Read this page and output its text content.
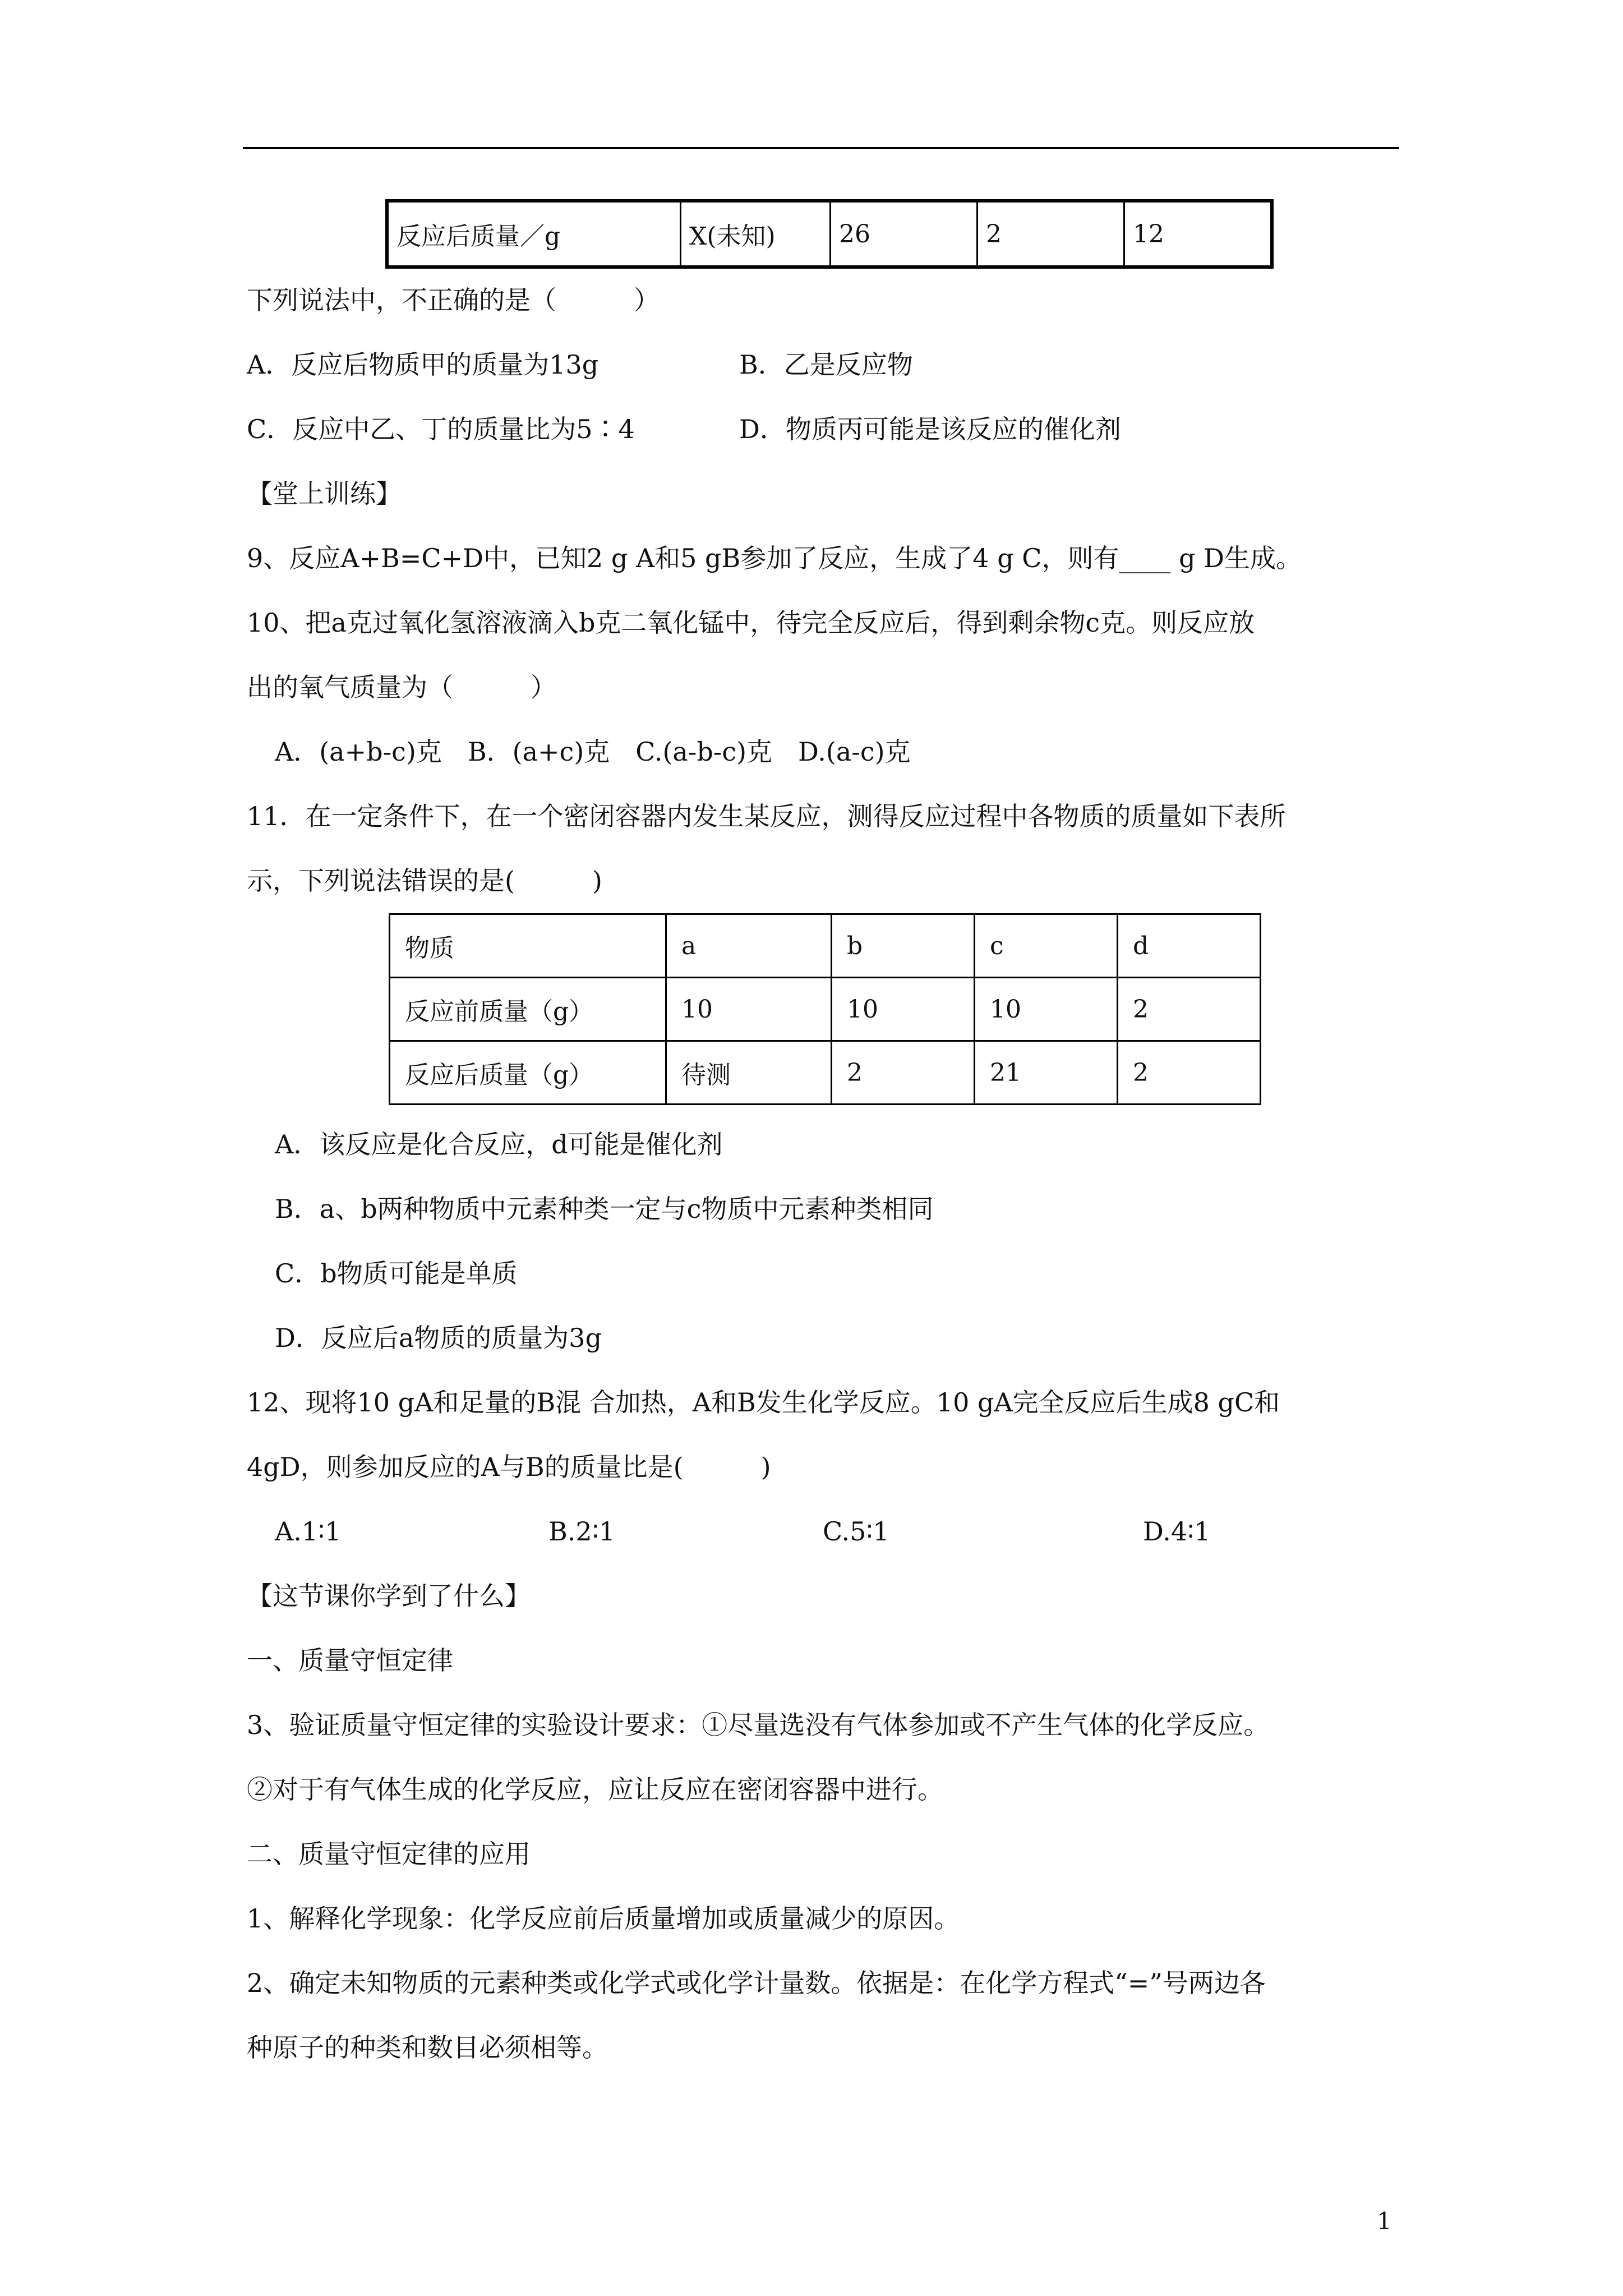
反应后质量／g	X(未知)	26	2	12
下列说法中，不正确的是（　　　）
A．反应后物质甲的质量为13g	B．乙是反应物
C．反应中乙、丁的质量比为5∶4	D．物质丙可能是该反应的催化剂
【堂上训练】
9、反应A+B=C+D中，已知2 g A和5 gB参加了反应，生成了4 g C，则有____ g D生成。
10、把a克过氧化氢溶液滴入b克二氧化锰中，待完全反应后，得到剩余物c克。则反应放
出的氧气质量为（　　　）
A．(a+b-c)克　B．(a+c)克　C.(a-b-c)克　D.(a-c)克
11．在一定条件下，在一个密闭容器内发生某反应，测得反应过程中各物质的质量如下表所
示，下列说法错误的是(　　　)
物质	a	b	c	d
反应前质量（g）	10	10	10	2
反应后质量（g）	待测	2	21	2
A．该反应是化合反应，d可能是催化剂
B．a、b两种物质中元素种类一定与c物质中元素种类相同
C．b物质可能是单质
D．反应后a物质的质量为3g
12、现将10 gA和足量的B混 合加热，A和B发生化学反应。10 gA完全反应后生成8 gC和
4gD，则参加反应的A与B的质量比是(　　　)
A.1∶1	B.2∶1	C.5∶1	D.4∶1
【这节课你学到了什么】
一、质量守恒定律
3、验证质量守恒定律的实验设计要求：①尽量选没有气体参加或不产生气体的化学反应。
②对于有气体生成的化学反应，应让反应在密闭容器中进行。
二、质量守恒定律的应用
1、解释化学现象：化学反应前后质量增加或质量减少的原因。
2、确定未知物质的元素种类或化学式或化学计量数。依据是：在化学方程式“=”号两边各
种原子的种类和数目必须相等。
1
